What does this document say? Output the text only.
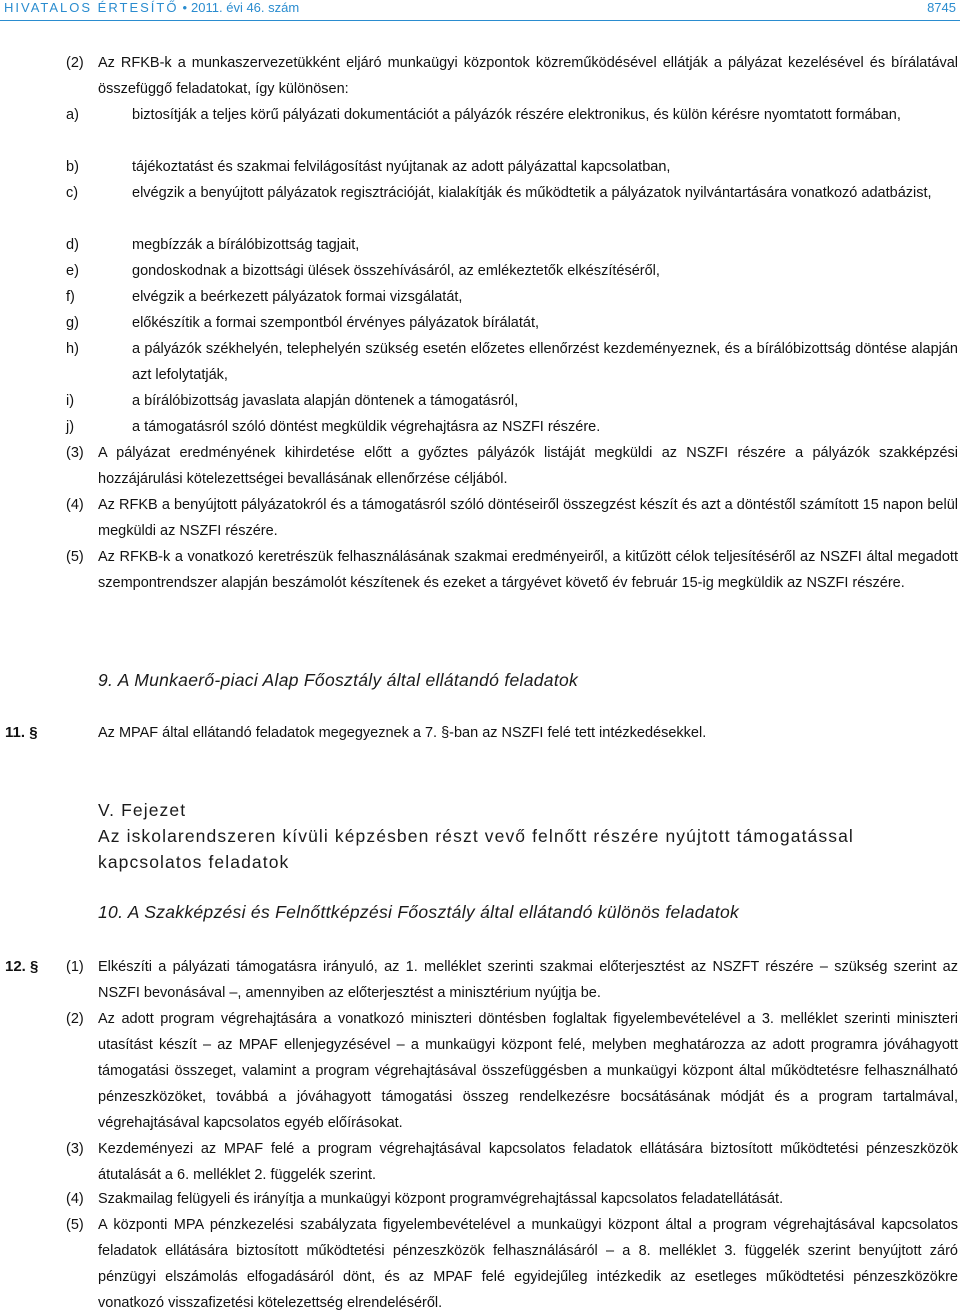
HIVATALOS ÉRTESÍTŐ • 2011. évi 46. szám	8745
(2) Az RFKB-k a munkaszervezetükként eljáró munkaügyi központok közreműködésével ellátják a pályázat kezelésével és bírálatával összefüggő feladatokat, így különösen:
a)	biztosítják a teljes körű pályázati dokumentációt a pályázók részére elektronikus, és külön kérésre nyomtatott formában,
b)	tájékoztatást és szakmai felvilágosítást nyújtanak az adott pályázattal kapcsolatban,
c)	elvégzik a benyújtott pályázatok regisztrációját, kialakítják és működtetik a pályázatok nyilvántartására vonatkozó adatbázist,
d)	megbízzák a bírálóbizottság tagjait,
e)	gondoskodnak a bizottsági ülések összehívásáról, az emlékeztetők elkészítéséről,
f)	elvégzik a beérkezett pályázatok formai vizsgálatát,
g)	előkészítik a formai szempontból érvényes pályázatok bírálatát,
h)	a pályázók székhelyén, telephelyén szükség esetén előzetes ellenőrzést kezdeményeznek, és a bírálóbizottság döntése alapján azt lefolytatják,
i)	a bírálóbizottság javaslata alapján döntenek a támogatásról,
j)	a támogatásról szóló döntést megküldik végrehajtásra az NSZFI részére.
(3) A pályázat eredményének kihirdetése előtt a győztes pályázók listáját megküldi az NSZFI részére a pályázók szakképzési hozzájárulási kötelezettségei bevallásának ellenőrzése céljából.
(4) Az RFKB a benyújtott pályázatokról és a támogatásról szóló döntéseiről összegzést készít és azt a döntéstől számított 15 napon belül megküldi az NSZFI részére.
(5) Az RFKB-k a vonatkozó keretrészük felhasználásának szakmai eredményeiről, a kitűzött célok teljesítéséről az NSZFI által megadott szempontrendszer alapján beszámolót készítenek és ezeket a tárgyévet követő év február 15-ig megküldik az NSZFI részére.
9. A Munkaerő-piaci Alap Főosztály által ellátandó feladatok
11. §	Az MPAF által ellátandó feladatok megegyeznek a 7. §-ban az NSZFI felé tett intézkedésekkel.
V. Fejezet
Az iskolarendszeren kívüli képzésben részt vevő felnőtt részére nyújtott támogatással kapcsolatos feladatok
10. A Szakképzési és Felnőttképzési Főosztály által ellátandó különös feladatok
12. § (1) Elkészíti a pályázati támogatásra irányuló, az 1. melléklet szerinti szakmai előterjesztést az NSZFT részére – szükség szerint az NSZFI bevonásával –, amennyiben az előterjesztést a minisztérium nyújtja be.
(2) Az adott program végrehajtására a vonatkozó miniszteri döntésben foglaltak figyelembevételével a 3. melléklet szerinti miniszteri utasítást készít – az MPAF ellenjegyzésével – a munkaügyi központ felé, melyben meghatározza az adott programra jóváhagyott támogatási összeget, valamint a program végrehajtásával összefüggésben a munkaügyi központ által működtetésre felhasználható pénzeszközöket, továbbá a jóváhagyott támogatási összeg rendelkezésre bocsátásának módját és a program tartalmával, végrehajtásával kapcsolatos egyéb előírásokat.
(3) Kezdeményezi az MPAF felé a program végrehajtásával kapcsolatos feladatok ellátására biztosított működtetési pénzeszközök átutalását a 6. melléklet 2. függelék szerint.
(4) Szakmailag felügyeli és irányítja a munkaügyi központ programvégrehajtással kapcsolatos feladatellátását.
(5) A központi MPA pénzkezelési szabályzata figyelembevételével a munkaügyi központ által a program végrehajtásával kapcsolatos feladatok ellátására biztosított működtetési pénzeszközök felhasználásáról – a 8. melléklet 3. függelék szerint benyújtott záró pénzügyi elszámolás elfogadásáról dönt, és az MPAF felé egyidejűleg intézkedik az esetleges működtetési pénzeszközökre vonatkozó visszafizetési kötelezettség elrendeléséről.
